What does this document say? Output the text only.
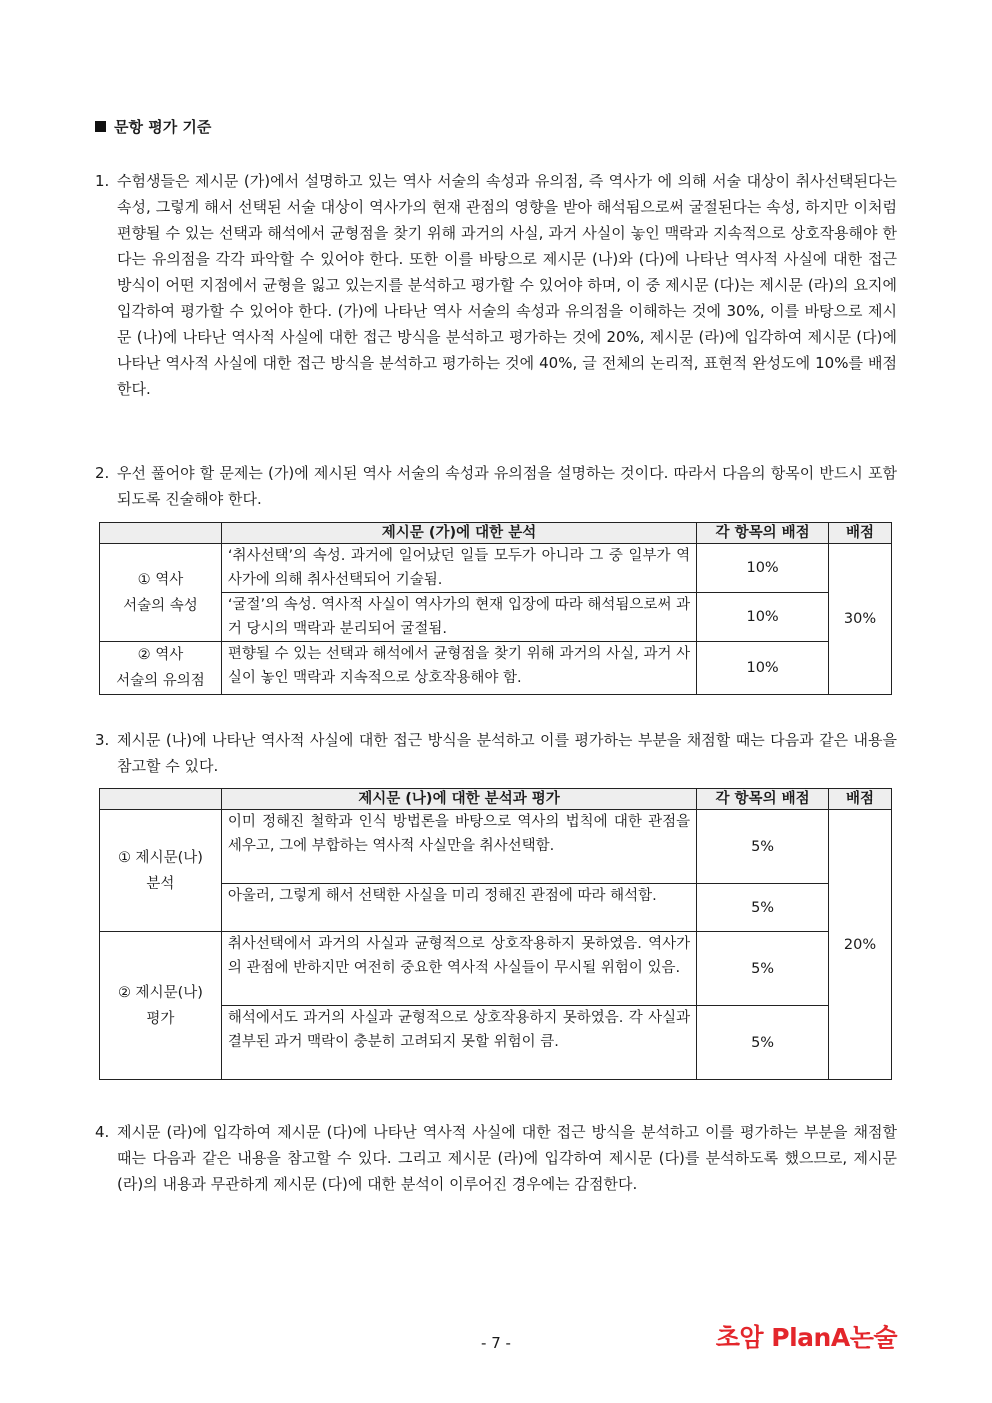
문항 평가 기준
1. 수험생들은 제시문 (가)에서 설명하고 있는 역사 서술의 속성과 유의점, 즉 역사가 에 의해 서술 대상이 취사선택된다는 속성, 그렇게 해서 선택된 서술 대상이 역사가의 현재 관점의 영향을 받아 해석됨으로써 굴절된다는 속성, 하지만 이처럼 편향될 수 있는 선택과 해석에서 균형점을 찾기 위해 과거의 사실, 과거 사실이 놓인 맥락과 지속적으로 상호작용해야 한다는 유의점을 각각 파악할 수 있어야 한다. 또한 이를 바탕으로 제시문 (나)와 (다)에 나타난 역사적 사실에 대한 접근 방식이 어떤 지점에서 균형을 잃고 있는지를 분석하고 평가할 수 있어야 하며, 이 중 제시문 (다)는 제시문 (라)의 요지에 입각하여 평가할 수 있어야 한다. (가)에 나타난 역사 서술의 속성과 유의점을 이해하는 것에 30%, 이를 바탕으로 제시문 (나)에 나타난 역사적 사실에 대한 접근 방식을 분석하고 평가하는 것에 20%, 제시문 (라)에 입각하여 제시문 (다)에 나타난 역사적 사실에 대한 접근 방식을 분석하고 평가하는 것에 40%, 글 전체의 논리적, 표현적 완성도에 10%를 배점한다.
2. 우선 풀어야 할 문제는 (가)에 제시된 역사 서술의 속성과 유의점을 설명하는 것이다. 따라서 다음의 항목이 반드시 포함되도록 진술해야 한다.
	제시문 (가)에 대한 분석	각 항목의 배점	배점
① 역사
서술의 속성	‘취사선택’의 속성. 과거에 일어났던 일들 모두가 아니라 그 중 일부가 역사가에 의해 취사선택되어 기술됨.	10%	30%
	‘굴절’의 속성. 역사적 사실이 역사가의 현재 입장에 따라 해석됨으로써 과거 당시의 맥락과 분리되어 굴절됨.	10%	
② 역사
서술의 유의점	편향될 수 있는 선택과 해석에서 균형점을 찾기 위해 과거의 사실, 과거 사실이 놓인 맥락과 지속적으로 상호작용해야 함.	10%	
3. 제시문 (나)에 나타난 역사적 사실에 대한 접근 방식을 분석하고 이를 평가하는 부분을 채점할 때는 다음과 같은 내용을 참고할 수 있다.
	제시문 (나)에 대한 분석과 평가	각 항목의 배점	배점
① 제시문(나)
분석	이미 정해진 철학과 인식 방법론을 바탕으로 역사의 법칙에 대한 관점을 세우고, 그에 부합하는 역사적 사실만을 취사선택함.	5%	20%
	아울러, 그렇게 해서 선택한 사실을 미리 정해진 관점에 따라 해석함.	5%	
② 제시문(나)
평가	취사선택에서 과거의 사실과 균형적으로 상호작용하지 못하였음. 역사가의 관점에 반하지만 여전히 중요한 역사적 사실들이 무시될 위험이 있음.	5%	
	해석에서도 과거의 사실과 균형적으로 상호작용하지 못하였음. 각 사실과 결부된 과거 맥락이 충분히 고려되지 못할 위험이 큼.	5%	
4. 제시문 (라)에 입각하여 제시문 (다)에 나타난 역사적 사실에 대한 접근 방식을 분석하고 이를 평가하는 부분을 채점할 때는 다음과 같은 내용을 참고할 수 있다. 그리고 제시문 (라)에 입각하여 제시문 (다)를 분석하도록 했으므로, 제시문 (라)의 내용과 무관하게 제시문 (다)에 대한 분석이 이루어진 경우에는 감점한다.
- 7 -	초암 PlanA논술
